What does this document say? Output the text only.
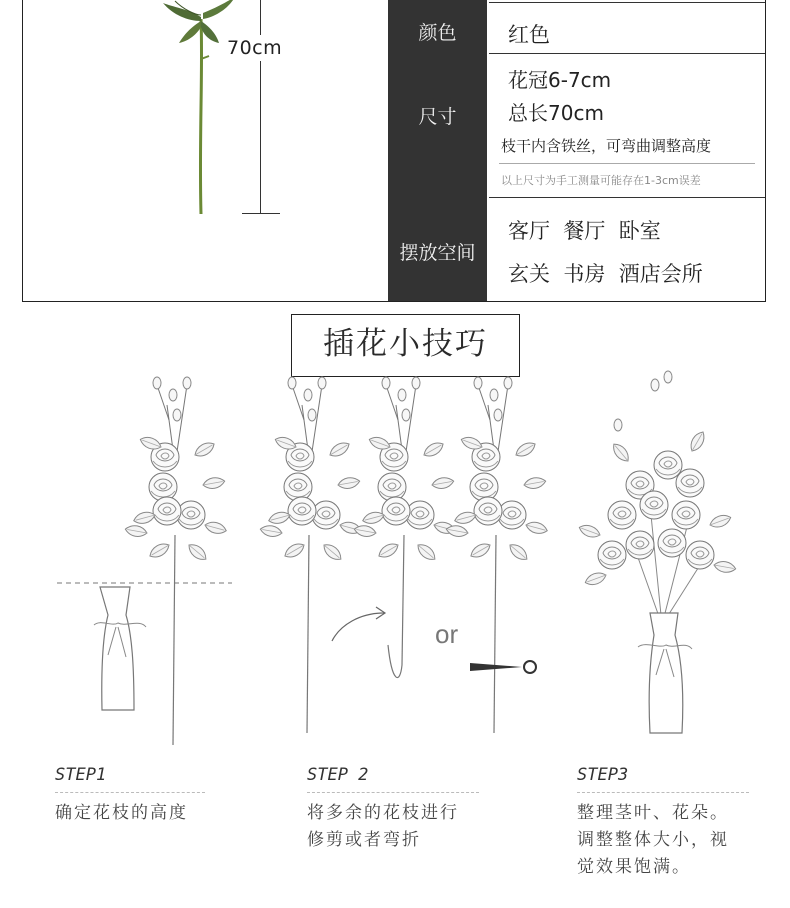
70cm
颜色
尺寸
摆放空间
红色
花冠6-7cm
总长70cm
枝干内含铁丝，可弯曲调整高度
以上尺寸为手工测量可能存在1-3cm误差
客厅  餐厅  卧室
玄关  书房  酒店会所
插花小技巧
or
STEP1
确定花枝的高度
STEP 2
将多余的花枝进行
修剪或者弯折
STEP3
整理茎叶、花朵。
调整整体大小，视
觉效果饱满。
